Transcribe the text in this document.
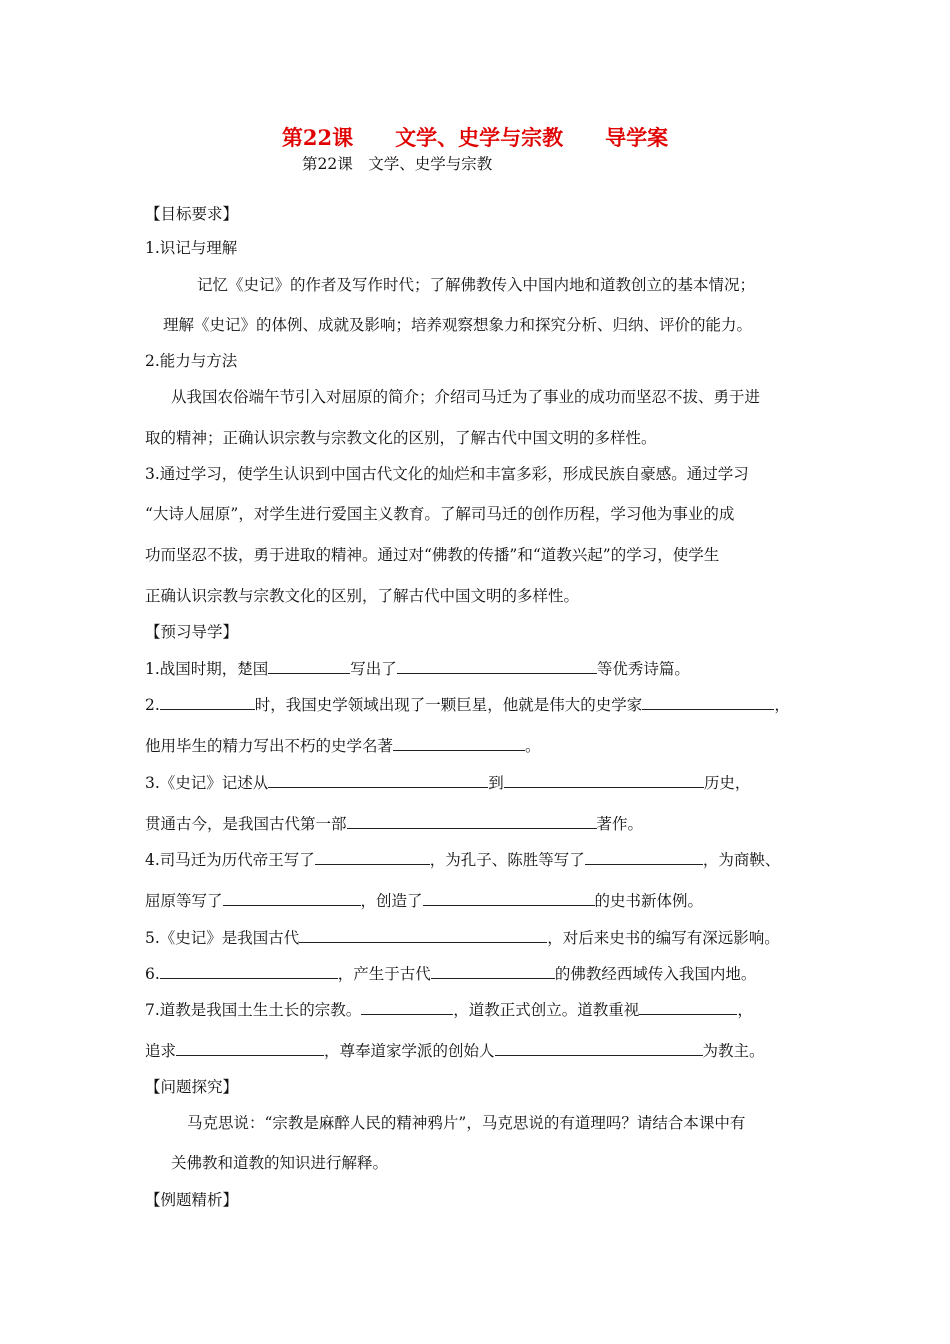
第22课　　文学、史学与宗教　　导学案
第22课　文学、史学与宗教
【目标要求】
1.识记与理解
记忆《史记》的作者及写作时代；了解佛教传入中国内地和道教创立的基本情况；
理解《史记》的体例、成就及影响；培养观察想象力和探究分析、归纳、评价的能力。
2.能力与方法
从我国农俗端午节引入对屈原的简介；介绍司马迁为了事业的成功而坚忍不拔、勇于进
取的精神；正确认识宗教与宗教文化的区别，了解古代中国文明的多样性。
3.通过学习，使学生认识到中国古代文化的灿烂和丰富多彩，形成民族自豪感。通过学习
“大诗人屈原”，对学生进行爱国主义教育。了解司马迁的创作历程，学习他为事业的成
功而坚忍不拔，勇于进取的精神。通过对“佛教的传播”和“道教兴起”的学习，使学生
正确认识宗教与宗教文化的区别，了解古代中国文明的多样性。
【预习导学】
1.战国时期，楚国	写出了	等优秀诗篇。
2.	时，我国史学领域出现了一颗巨星，他就是伟大的史学家	，
他用毕生的精力写出不朽的史学名著	。
3.《史记》记述从	到	历史，
贯通古今，是我国古代第一部	著作。
4.司马迁为历代帝王写了	，为孔子、陈胜等写了	，为商鞅、
屈原等写了	，创造了	的史书新体例。
5.《史记》是我国古代	，对后来史书的编写有深远影响。
6.	，产生于古代	的佛教经西域传入我国内地。
7.道教是我国土生土长的宗教。	，道教正式创立。道教重视	，
追求	，尊奉道家学派的创始人	为教主。
【问题探究】
马克思说：“宗教是麻醉人民的精神鸦片”，马克思说的有道理吗？请结合本课中有
关佛教和道教的知识进行解释。
【例题精析】
